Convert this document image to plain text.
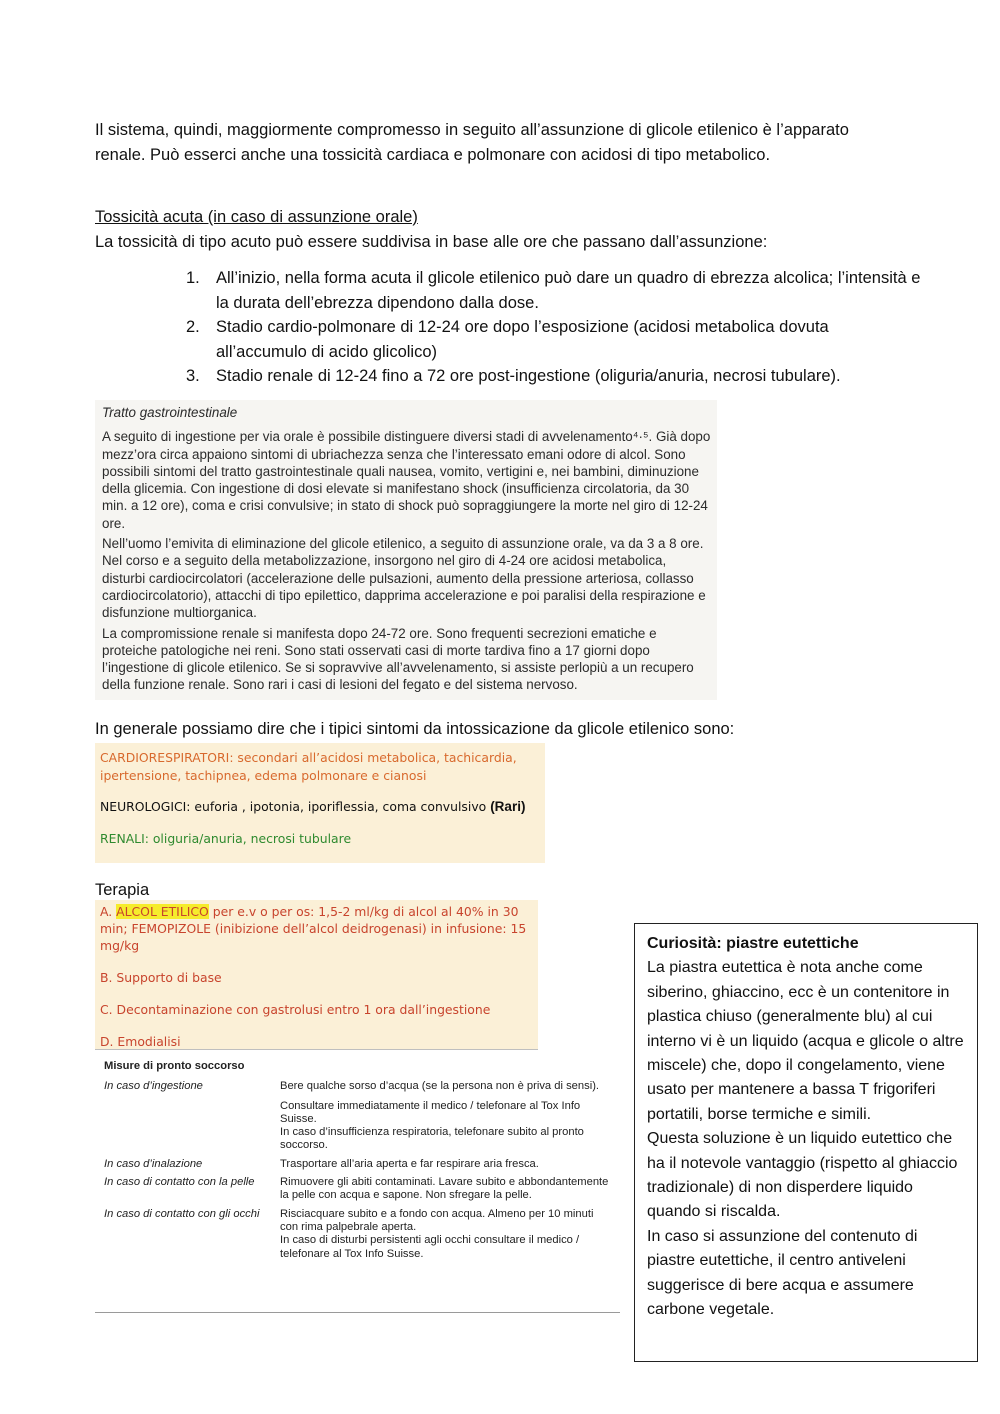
Il sistema, quindi, maggiormente compromesso in seguito all’assunzione di glicole etilenico è l’apparato renale. Può esserci anche una tossicità cardiaca e polmonare con acidosi di tipo metabolico.
Tossicità acuta (in caso di assunzione orale)
La tossicità di tipo acuto può essere suddivisa in base alle ore che passano dall’assunzione:
1. All’inizio, nella forma acuta il glicole etilenico può dare un quadro di ebrezza alcolica; l’intensità e la durata dell’ebrezza dipendono dalla dose.
2. Stadio cardio-polmonare di 12-24 ore dopo l’esposizione (acidosi metabolica dovuta all’accumulo di acido glicolico)
3. Stadio renale di 12-24 fino a 72 ore post-ingestione (oliguria/anuria, necrosi tubulare).
Tratto gastrointestinale
A seguito di ingestione per via orale è possibile distinguere diversi stadi di avvelenamento⁴·⁵. Già dopo mezz’ora circa appaiono sintomi di ubriachezza senza che l’interessato emani odore di alcol. Sono possibili sintomi del tratto gastrointestinale quali nausea, vomito, vertigini e, nei bambini, diminuzione della glicemia. Con ingestione di dosi elevate si manifestano shock (insufficienza circolatoria, da 30 min. a 12 ore), coma e crisi convulsive; in stato di shock può sopraggiungere la morte nel giro di 12-24 ore.
Nell’uomo l’emivita di eliminazione del glicole etilenico, a seguito di assunzione orale, va da 3 a 8 ore. Nel corso e a seguito della metabolizzazione, insorgono nel giro di 4-24 ore acidosi metabolica, disturbi cardiocircolatori (accelerazione delle pulsazioni, aumento della pressione arteriosa, collasso cardiocircolatorio), attacchi di tipo epilettico, dapprima accelerazione e poi paralisi della respirazione e disfunzione multiorganica.
La compromissione renale si manifesta dopo 24-72 ore. Sono frequenti secrezioni ematiche e proteiche patologiche nei reni. Sono stati osservati casi di morte tardiva fino a 17 giorni dopo l’ingestione di glicole etilenico. Se si sopravvive all’avvelenamento, si assiste perlopiù a un recupero della funzione renale. Sono rari i casi di lesioni del fegato e del sistema nervoso.
In generale possiamo dire che i tipici sintomi da intossicazione da glicole etilenico sono:
CARDIORESPIRATORI: secondari all’acidosi metabolica, tachicardia, ipertensione, tachipnea, edema polmonare e cianosi
NEUROLOGICI: euforia , ipotonia, iporiflessia, coma convulsivo (Rari)
RENALI: oliguria/anuria, necrosi tubulare
Terapia
A. ALCOL ETILICO per e.v o per os: 1,5-2 ml/kg di alcol al 40% in 30 min; FEMOPIZOLE (inibizione dell’alcol deidrogenasi) in infusione: 15 mg/kg
B. Supporto di base
C. Decontaminazione con gastrolusi entro 1 ora dall’ingestione
D. Emodialisi
Misure di pronto soccorso
In caso d’ingestione	Bere qualche sorso d’acqua (se la persona non è priva di sensi).
Consultare immediatamente il medico / telefonare al Tox Info Suisse.
In caso d’insufficienza respiratoria, telefonare subito al pronto soccorso.

In caso d’inalazione	Trasportare all’aria aperta e far respirare aria fresca.
In caso di contatto con la pelle	Rimuovere gli abiti contaminati. Lavare subito e abbondantemente la pelle con acqua e sapone. Non sfregare la pelle.
In caso di contatto con gli occhi	Risciacquare subito e a fondo con acqua. Almeno per 10 minuti con rima palpebrale aperta.
In caso di disturbi persistenti agli occhi consultare il medico / telefonare al Tox Info Suisse.
Curiosità: piastre eutettiche
La piastra eutettica è nota anche come siberino, ghiaccino, ecc è un contenitore in plastica chiuso (generalmente blu) al cui interno vi è un liquido (acqua e glicole o altre miscele) che, dopo il congelamento, viene usato per mantenere a bassa T frigoriferi portatili, borse termiche e simili.
Questa soluzione è un liquido eutettico che ha il notevole vantaggio (rispetto al ghiaccio tradizionale) di non disperdere liquido quando si riscalda.
In caso si assunzione del contenuto di piastre eutettiche, il centro antiveleni suggerisce di bere acqua e assumere carbone vegetale.
